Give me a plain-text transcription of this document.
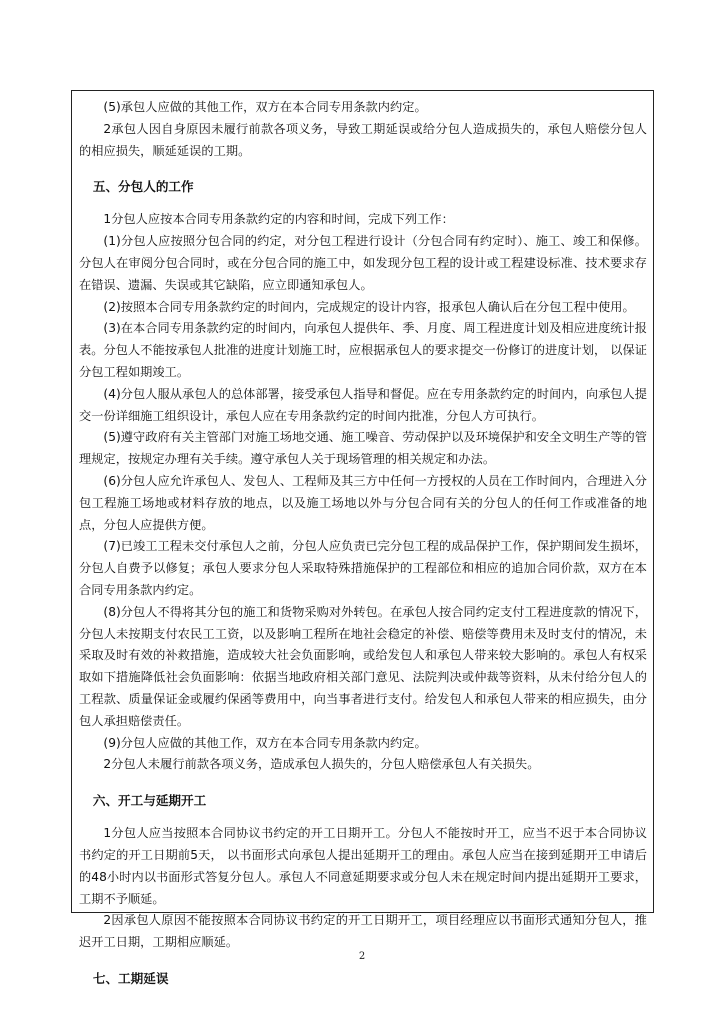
(5)承包人应做的其他工作，双方在本合同专用条款内约定。

2承包人因自身原因未履行前款各项义务，导致工期延误或给分包人造成损失的，承包人赔偿分包人的相应损失，顺延延误的工期。

五、分包人的工作

1分包人应按本合同专用条款约定的内容和时间，完成下列工作：

(1)分包人应按照分包合同的约定，对分包工程进行设计（分包合同有约定时）、施工、竣工和保修。分包人在审阅分包合同时，或在分包合同的施工中，如发现分包工程的设计或工程建设标准、技术要求存在错误、遗漏、失误或其它缺陷，应立即通知承包人。

(2)按照本合同专用条款约定的时间内，完成规定的设计内容，报承包人确认后在分包工程中使用。

(3)在本合同专用条款约定的时间内，向承包人提供年、季、月度、周工程进度计划及相应进度统计报表。分包人不能按承包人批准的进度计划施工时，应根据承包人的要求提交一份修订的进度计划， 以保证分包工程如期竣工。

(4)分包人服从承包人的总体部署，接受承包人指导和督促。应在专用条款约定的时间内，向承包人提交一份详细施工组织设计，承包人应在专用条款约定的时间内批准，分包人方可执行。

(5)遵守政府有关主管部门对施工场地交通、施工噪音、劳动保护以及环境保护和安全文明生产等的管理规定，按规定办理有关手续。遵守承包人关于现场管理的相关规定和办法。

(6)分包人应允许承包人、发包人、工程师及其三方中任何一方授权的人员在工作时间内，合理进入分包工程施工场地或材料存放的地点，以及施工场地以外与分包合同有关的分包人的任何工作或准备的地点，分包人应提供方便。

(7)已竣工工程未交付承包人之前，分包人应负责已完分包工程的成品保护工作，保护期间发生损坏，分包人自费予以修复；承包人要求分包人采取特殊措施保护的工程部位和相应的追加合同价款，双方在本合同专用条款内约定。

(8)分包人不得将其分包的施工和货物采购对外转包。在承包人按合同约定支付工程进度款的情况下，分包人未按期支付农民工工资，以及影响工程所在地社会稳定的补偿、赔偿等费用未及时支付的情况，未采取及时有效的补救措施，造成较大社会负面影响，或给发包人和承包人带来较大影响的。承包人有权采取如下措施降低社会负面影响：依据当地政府相关部门意见、法院判决或仲裁等资料，从未付给分包人的工程款、质量保证金或履约保函等费用中，向当事者进行支付。给发包人和承包人带来的相应损失，由分包人承担赔偿责任。

(9)分包人应做的其他工作，双方在本合同专用条款内约定。

2分包人未履行前款各项义务，造成承包人损失的，分包人赔偿承包人有关损失。

六、开工与延期开工

1分包人应当按照本合同协议书约定的开工日期开工。分包人不能按时开工，应当不迟于本合同协议书约定的开工日期前5天， 以书面形式向承包人提出延期开工的理由。承包人应当在接到延期开工申请后的48小时内以书面形式答复分包人。承包人不同意延期要求或分包人未在规定时间内提出延期开工要求，工期不予顺延。

2因承包人原因不能按照本合同协议书约定的开工日期开工，项目经理应以书面形式通知分包人，推迟开工日期，工期相应顺延。

七、工期延误

2
